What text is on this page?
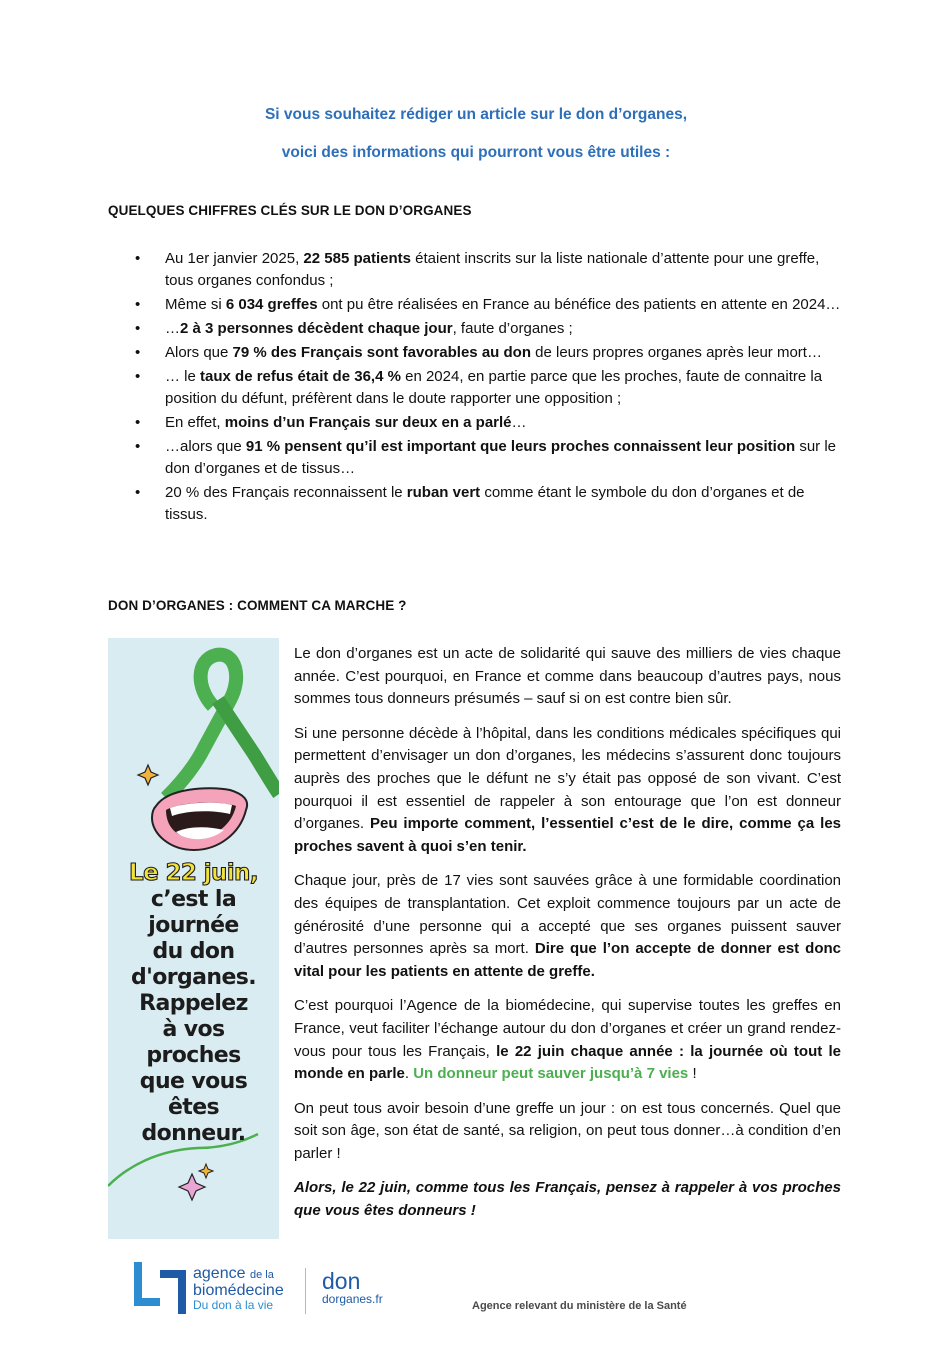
Si vous souhaitez rédiger un article sur le don d’organes,
voici des informations qui pourront vous être utiles :
QUELQUES CHIFFRES CLÉS SUR LE DON D’ORGANES
• Au 1er janvier 2025, 22 585 patients étaient inscrits sur la liste nationale d’attente pour une greffe, tous organes confondus ;
• Même si 6 034 greffes ont pu être réalisées en France au bénéfice des patients en attente en 2024…
• …2 à 3 personnes décèdent chaque jour, faute d’organes ;
• Alors que 79 % des Français sont favorables au don de leurs propres organes après leur mort…
• … le taux de refus était de 36,4 % en 2024, en partie parce que les proches, faute de connaitre la position du défunt, préfèrent dans le doute rapporter une opposition ;
• En effet, moins d’un Français sur deux en a parlé…
• …alors que 91 % pensent qu’il est important que leurs proches connaissent leur position sur le don d’organes et de tissus…
• 20 % des Français reconnaissent le ruban vert comme étant le symbole du don d’organes et de tissus.
DON D’ORGANES : COMMENT CA MARCHE ?
Le 22 juin,
c’est la
journée
du don
d'organes.
Rappelez
à vos
proches
que vous
êtes
donneur.

Le don d’organes est un acte de solidarité qui sauve des milliers de vies chaque année. C’est pourquoi, en France et comme dans beaucoup d’autres pays, nous sommes tous donneurs présumés – sauf si on est contre bien sûr.

Si une personne décède à l’hôpital, dans les conditions médicales spécifiques qui permettent d’envisager un don d’organes, les médecins s’assurent donc toujours auprès des proches que le défunt ne s’y était pas opposé de son vivant. C’est pourquoi il est essentiel de rappeler à son entourage que l’on est donneur d’organes. Peu importe comment, l’essentiel c’est de le dire, comme ça les proches savent à quoi s’en tenir.

Chaque jour, près de 17 vies sont sauvées grâce à une formidable coordination des équipes de transplantation. Cet exploit commence toujours par un acte de générosité d’une personne qui a accepté que ses organes puissent sauver d’autres personnes après sa mort. Dire que l’on accepte de donner est donc vital pour les patients en attente de greffe.

C’est pourquoi l’Agence de la biomédecine, qui supervise toutes les greffes en France, veut faciliter l’échange autour du don d’organes et créer un grand rendez-vous pour tous les Français, le 22 juin chaque année : la journée où tout le monde en parle. Un donneur peut sauver jusqu’à 7 vies !

On peut tous avoir besoin d’une greffe un jour : on est tous concernés. Quel que soit son âge, son état de santé, sa religion, on peut tous donner…à condition d’en parler !

Alors, le 22 juin, comme tous les Français, pensez à rappeler à vos proches que vous êtes donneurs !

agence de la
biomédecine
Du don à la vie
don
dorganes.fr	Agence relevant du ministère de la Santé
